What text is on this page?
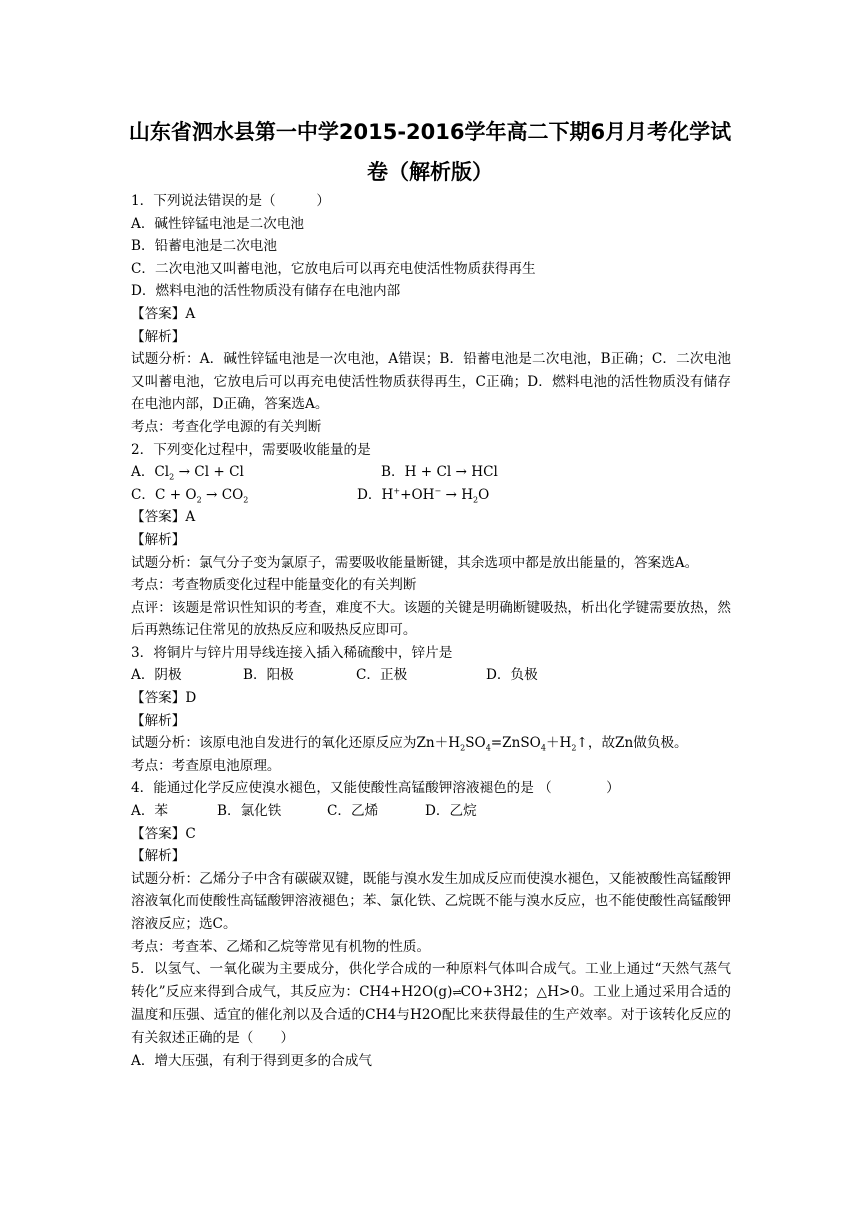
山东省泗水县第一中学2015-2016学年高二下期6月月考化学试
卷（解析版）
1．下列说法错误的是（　　　）
A．碱性锌锰电池是二次电池
B．铅蓄电池是二次电池
C．二次电池又叫蓄电池，它放电后可以再充电使活性物质获得再生
D．燃料电池的活性物质没有储存在电池内部
【答案】A
【解析】
试题分析：A．碱性锌锰电池是一次电池，A错误；B．铅蓄电池是二次电池，B正确；C．二次电池又叫蓄电池，它放电后可以再充电使活性物质获得再生，C正确；D．燃料电池的活性物质没有储存在电池内部，D正确，答案选A。
考点：考查化学电源的有关判断
2．下列变化过程中，需要吸收能量的是
A．$Cl_2 \to Cl + Cl$	B．H + Cl → HCl
C．$C + O_2 \to CO_2$	D．$H^++OH^- \to H_2O$
【答案】A
【解析】
试题分析：氯气分子变为氯原子，需要吸收能量断键，其余选项中都是放出能量的，答案选A。
考点：考查物质变化过程中能量变化的有关判断
点评：该题是常识性知识的考查，难度不大。该题的关键是明确断键吸热，析出化学键需要放热，然后再熟练记住常见的放热反应和吸热反应即可。
3．将铜片与锌片用导线连接入插入稀硫酸中，锌片是
A．阴极	B．阳极	C．正极	D．负极
【答案】D
【解析】
试题分析：该原电池自发进行的氧化还原反应为$Zn+H_2SO_4=ZnSO_4+H_2↑$，故Zn做负极。
考点：考查原电池原理。
4．能通过化学反应使溴水褪色，又能使酸性高锰酸钾溶液褪色的是 （　　　　）
A．苯	B．氯化铁	C．乙烯	D．乙烷
【答案】C
【解析】
试题分析：乙烯分子中含有碳碳双键，既能与溴水发生加成反应而使溴水褪色，又能被酸性高锰酸钾溶液氧化而使酸性高锰酸钾溶液褪色；苯、氯化铁、乙烷既不能与溴水反应，也不能使酸性高锰酸钾溶液反应；选C。
考点：考查苯、乙烯和乙烷等常见有机物的性质。
5．以氢气、一氧化碳为主要成分，供化学合成的一种原料气体叫合成气。工业上通过“天然气蒸气转化”反应来得到合成气，其反应为：CH4+H2O(g)⇌CO+3H2；△H>0。工业上通过采用合适的温度和压强、适宜的催化剂以及合适的CH4与H2O配比来获得最佳的生产效率。对于该转化反应的有关叙述正确的是（　　）
A．增大压强，有利于得到更多的合成气
